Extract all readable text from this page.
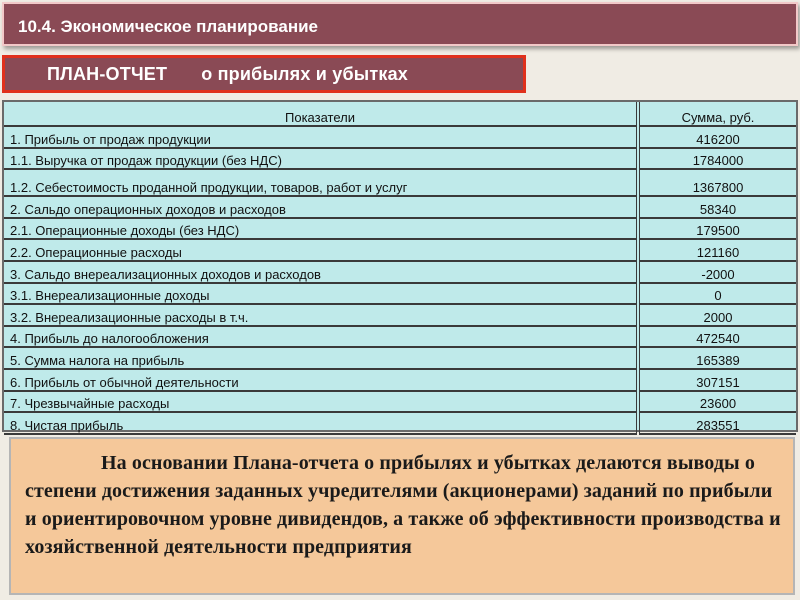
10.4. Экономическое планирование
ПЛАН-ОТЧЕТ о прибылях и убытках
Показатели	Сумма, руб.
1. Прибыль от продаж продукции	416200
1.1. Выручка от продаж продукции (без НДС)	1784000
1.2. Себестоимость проданной продукции, товаров, работ и услуг	1367800
2. Сальдо операционных доходов и расходов	58340
2.1. Операционные доходы (без НДС)	179500
2.2. Операционные расходы	121160
3. Сальдо внереализационных доходов и расходов	-2000
3.1. Внереализационные доходы	0
3.2. Внереализационные расходы в т.ч.	2000
4. Прибыль до налогообложения	472540
5. Сумма налога на прибыль	165389
6. Прибыль от обычной деятельности	307151
7. Чрезвычайные расходы	23600
8. Чистая прибыль	283551
На основании Плана-отчета о прибылях и убытках делаются выводы о степени достижения заданных учредителями (акционерами) заданий по прибыли и ориентировочном уровне дивидендов, а также об эффективности производства и хозяйственной деятельности предприятия
